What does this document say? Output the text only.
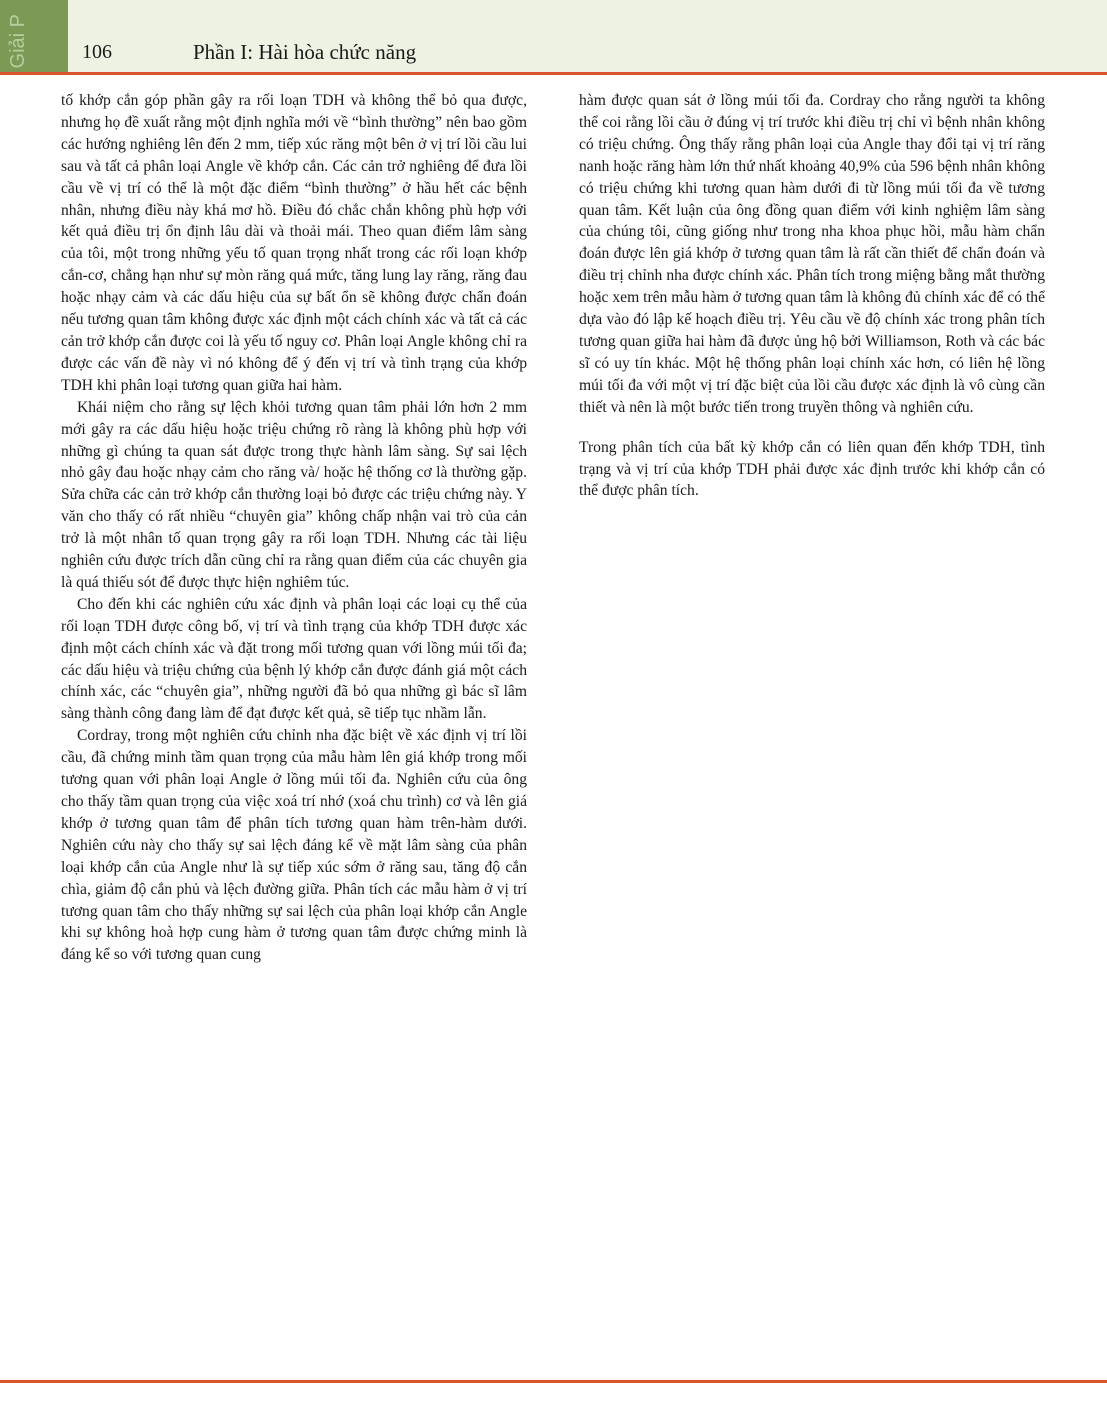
Giải P	106	Phần I: Hài hòa chức năng

tố khớp cắn góp phần gây ra rối loạn TDH và không thể bỏ qua được, nhưng họ đề xuất rằng một định nghĩa mới về “bình thường” nên bao gồm các hướng nghiêng lên đến 2 mm, tiếp xúc răng một bên ở vị trí lồi cầu lui sau và tất cả phân loại Angle về khớp cắn. Các cản trở nghiêng để đưa lồi cầu về vị trí có thể là một đặc điểm “bình thường” ở hầu hết các bệnh nhân, nhưng điều này khá mơ hồ. Điều đó chắc chắn không phù hợp với kết quả điều trị ổn định lâu dài và thoải mái. Theo quan điểm lâm sàng của tôi, một trong những yếu tố quan trọng nhất trong các rối loạn khớp cắn-cơ, chẳng hạn như sự mòn răng quá mức, tăng lung lay răng, răng đau hoặc nhạy cảm và các dấu hiệu của sự bất ổn sẽ không được chẩn đoán nếu tương quan tâm không được xác định một cách chính xác và tất cả các cản trở khớp cắn được coi là yếu tố nguy cơ. Phân loại Angle không chỉ ra được các vấn đề này vì nó không để ý đến vị trí và tình trạng của khớp TDH khi phân loại tương quan giữa hai hàm.

Khái niệm cho rằng sự lệch khỏi tương quan tâm phải lớn hơn 2 mm mới gây ra các dấu hiệu hoặc triệu chứng rõ ràng là không phù hợp với những gì chúng ta quan sát được trong thực hành lâm sàng. Sự sai lệch nhỏ gây đau hoặc nhạy cảm cho răng và/ hoặc hệ thống cơ là thường gặp. Sửa chữa các cản trở khớp cắn thường loại bỏ được các triệu chứng này. Y văn cho thấy có rất nhiều “chuyên gia” không chấp nhận vai trò của cản trở là một nhân tố quan trọng gây ra rối loạn TDH. Nhưng các tài liệu nghiên cứu được trích dẫn cũng chỉ ra rằng quan điểm của các chuyên gia là quá thiếu sót để được thực hiện nghiêm túc.

Cho đến khi các nghiên cứu xác định và phân loại các loại cụ thể của rối loạn TDH được công bố, vị trí và tình trạng của khớp TDH được xác định một cách chính xác và đặt trong mối tương quan với lồng múi tối đa; các dấu hiệu và triệu chứng của bệnh lý khớp cắn được đánh giá một cách chính xác, các “chuyên gia”, những người đã bỏ qua những gì bác sĩ lâm sàng thành công đang làm để đạt được kết quả, sẽ tiếp tục nhầm lẫn.

Cordray, trong một nghiên cứu chỉnh nha đặc biệt về xác định vị trí lồi cầu, đã chứng minh tầm quan trọng của mẫu hàm lên giá khớp trong mối tương quan với phân loại Angle ở lồng múi tối đa. Nghiên cứu của ông cho thấy tầm quan trọng của việc xoá trí nhớ (xoá chu trình) cơ và lên giá khớp ở tương quan tâm để phân tích tương quan hàm trên-hàm dưới. Nghiên cứu này cho thấy sự sai lệch đáng kể về mặt lâm sàng của phân loại khớp cắn của Angle như là sự tiếp xúc sớm ở răng sau, tăng độ cắn chìa, giảm độ cắn phủ và lệch đường giữa. Phân tích các mẫu hàm ở vị trí tương quan tâm cho thấy những sự sai lệch của phân loại khớp cắn Angle khi sự không hoà hợp cung hàm ở tương quan tâm được chứng minh là đáng kể so với tương quan cung

hàm được quan sát ở lồng múi tối đa. Cordray cho rằng người ta không thể coi rằng lồi cầu ở đúng vị trí trước khi điều trị chỉ vì bệnh nhân không có triệu chứng. Ông thấy rằng phân loại của Angle thay đổi tại vị trí răng nanh hoặc răng hàm lớn thứ nhất khoảng 40,9% của 596 bệnh nhân không có triệu chứng khi tương quan hàm dưới đi từ lồng múi tối đa về tương quan tâm. Kết luận của ông đồng quan điểm với kinh nghiệm lâm sàng của chúng tôi, cũng giống như trong nha khoa phục hồi, mẫu hàm chẩn đoán được lên giá khớp ở tương quan tâm là rất cần thiết để chẩn đoán và điều trị chỉnh nha được chính xác. Phân tích trong miệng bằng mắt thường hoặc xem trên mẫu hàm ở tương quan tâm là không đủ chính xác để có thể dựa vào đó lập kế hoạch điều trị. Yêu cầu về độ chính xác trong phân tích tương quan giữa hai hàm đã được ủng hộ bởi Williamson, Roth và các bác sĩ có uy tín khác. Một hệ thống phân loại chính xác hơn, có liên hệ lồng múi tối đa với một vị trí đặc biệt của lồi cầu được xác định là vô cùng cần thiết và nên là một bước tiến trong truyền thông và nghiên cứu.

Trong phân tích của bất kỳ khớp cắn có liên quan đến khớp TDH, tình trạng và vị trí của khớp TDH phải được xác định trước khi khớp cắn có thể được phân tích.
